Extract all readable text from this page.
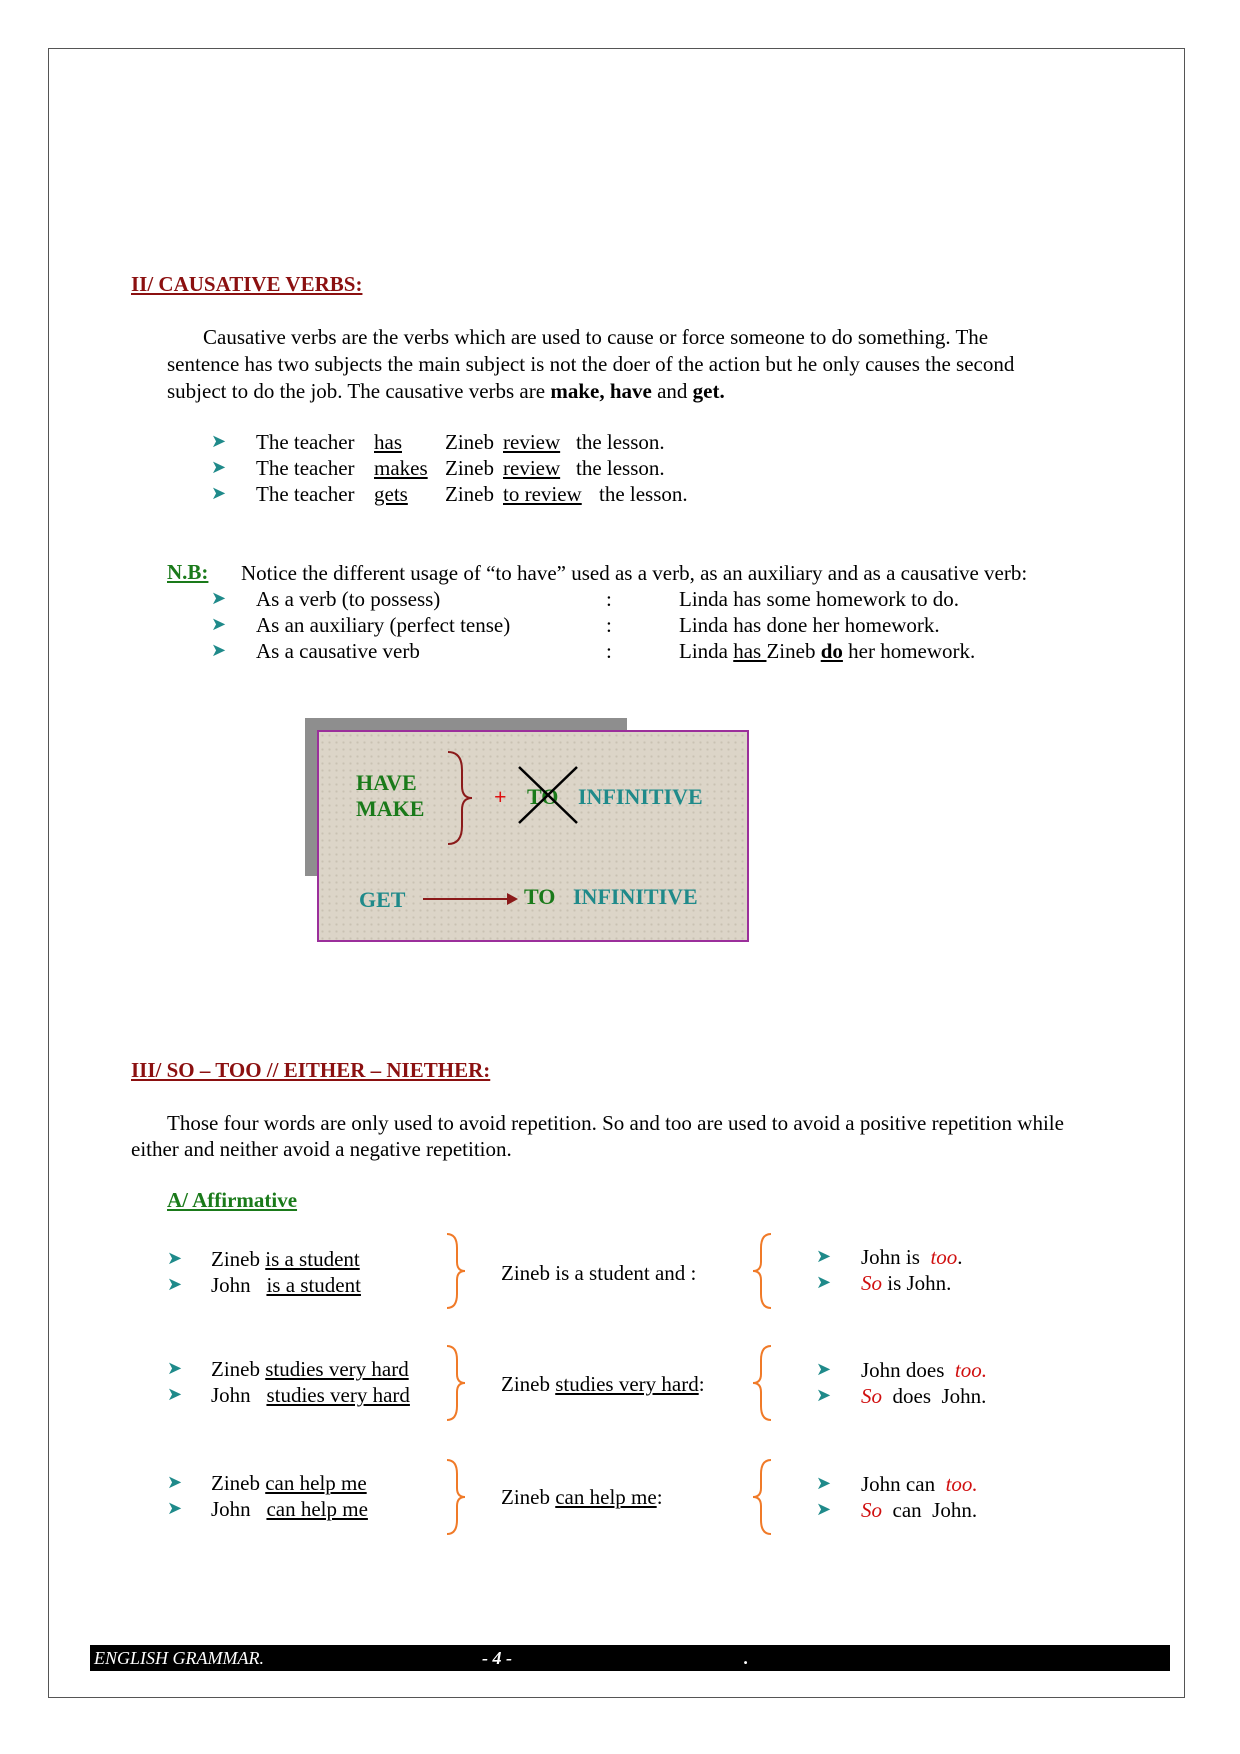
II/ CAUSATIVE VERBS:
Causative verbs are the verbs which are used to cause or force someone to do something. The
sentence has two subjects the main subject is not the doer of the action but he only causes the second
subject to do the job. The causative verbs are make, have and get.
➤ The teacher has Zineb review the lesson.
➤ The teacher makes Zineb review the lesson.
➤ The teacher gets Zineb to review the lesson.
N.B: Notice the different usage of “to have” used as a verb, as an auxiliary and as a causative verb:
➤ As a verb (to possess)	:	Linda has some homework to do.
➤ As an auxiliary (perfect tense)	:	Linda has done her homework.
➤ As a causative verb	:	Linda has Zineb do her homework.
HAVE
MAKE	+ TO INFINITIVE
GET	TO INFINITIVE
III/ SO – TOO // EITHER – NIETHER:
Those four words are only used to avoid repetition. So and too are used to avoid a positive repetition while
either and neither avoid a negative repetition.
A/ Affirmative
➤ Zineb is a student
➤ John   is a student	Zineb is a student and :
➤ John is  too.
➤ So is John.
➤ Zineb studies very hard
➤ John   studies very hard	Zineb studies very hard:
➤ John does  too.
➤ So  does  John.
➤ Zineb can help me
➤ John   can help me	Zineb can help me:
➤ John can  too.
➤ So  can  John.
ENGLISH GRAMMAR.	- 4 -	.
